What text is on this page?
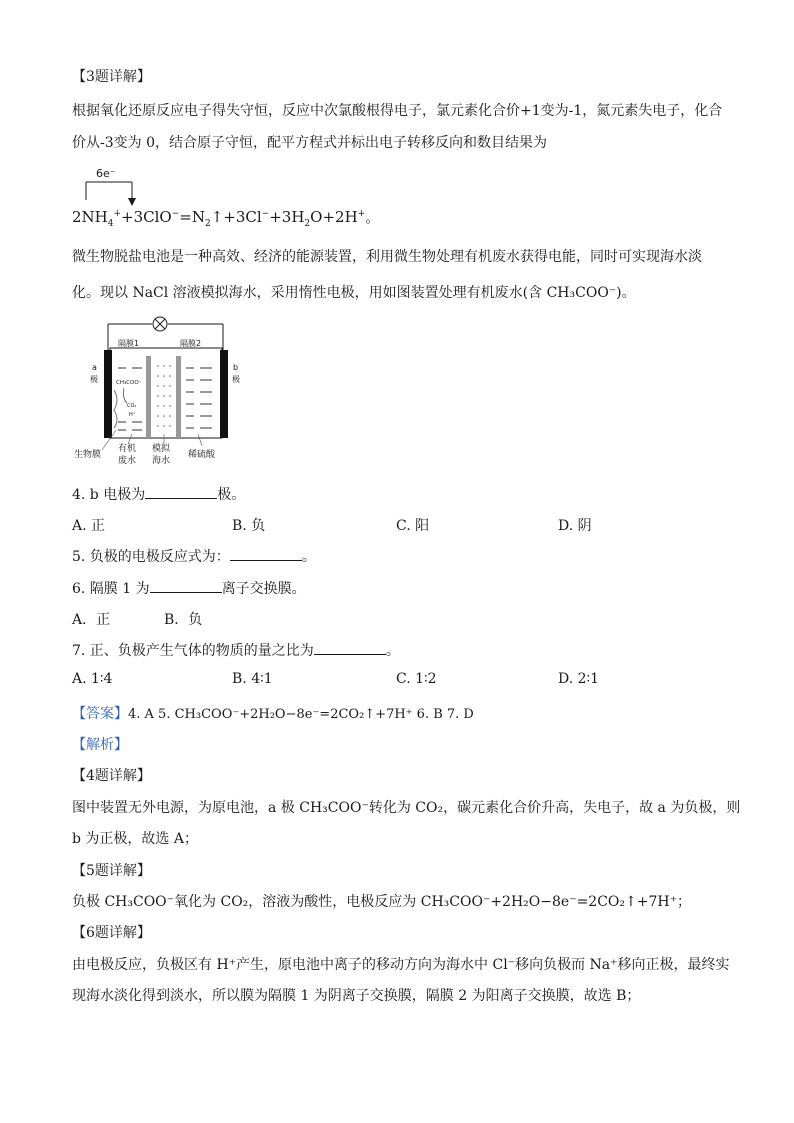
【3题详解】
根据氧化还原反应电子得失守恒，反应中次氯酸根得电子，氯元素化合价+1变为-1，氮元素失电子，化合
价从-3变为 0，结合原子守恒，配平方程式并标出电子转移反向和数目结果为
6e⁻
$2NH_4^++3ClO^-=N_2↑+3Cl^-+3H_2O+2H^+$。
微生物脱盐电池是一种高效、经济的能源装置，利用微生物处理有机废水获得电能，同时可实现海水淡
化。现以 NaCl 溶液模拟海水，采用惰性电极，用如图装置处理有机废水(含 CH₃COO⁻)。
隔膜1	隔膜2
a
极
b
极
CH₃COO⁻
CO₂
H⁺
生物膜
有机
废水
模拟
海水
稀硫酸
4. b 电极为	极。
A. 正	B. 负	C. 阳	D. 阴
5. 负极的电极反应式为：	。
6. 隔膜 1 为	离子交换膜。
A．正	B．负
7. 正、负极产生气体的物质的量之比为	。
A. 1∶4	B. 4∶1	C. 1∶2	D. 2∶1
【答案】4. A 5. CH₃COO⁻+2H₂O−8e⁻=2CO₂↑+7H⁺ 6. B 7. D
【解析】
【4题详解】
图中装置无外电源，为原电池，a 极 CH₃COO⁻转化为 CO₂，碳元素化合价升高，失电子，故 a 为负极，则
b 为正极，故选 A；
【5题详解】
负极 CH₃COO⁻氧化为 CO₂，溶液为酸性，电极反应为 CH₃COO⁻+2H₂O−8e⁻=2CO₂↑+7H⁺；
【6题详解】
由电极反应，负极区有 H⁺产生，原电池中离子的移动方向为海水中 Cl⁻移向负极而 Na⁺移向正极，最终实
现海水淡化得到淡水，所以膜为隔膜 1 为阴离子交换膜，隔膜 2 为阳离子交换膜，故选 B；
